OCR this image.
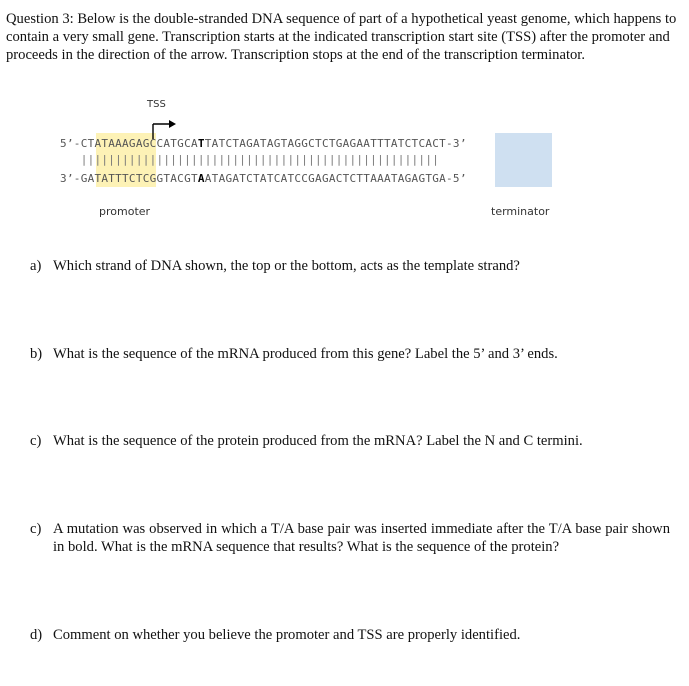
Question 3: Below is the double-stranded DNA sequence of part of a hypothetical yeast genome, which happens to contain a very small gene. Transcription starts at the indicated transcription start site (TSS) after the promoter and proceeds in the direction of the arrow. Transcription stops at the end of the transcription terminator.

TSS
5’-CTATAAAGAGCCATGCATTATCTAGATAGTAGGCTCTGAGAATTTATCTCACT-3’
||||||||||||||||||||||||||||||||||||||||||||||||||||
3’-GATATTTCTCGGTACGTAATAGATCTATCATCCGAGACTCTTAAATAGAGTGA-5’
promoter	terminator
a) Which strand of DNA shown, the top or the bottom, acts as the template strand?
b) What is the sequence of the mRNA produced from this gene? Label the 5’ and 3’ ends.
c) What is the sequence of the protein produced from the mRNA? Label the N and C termini.
c) A mutation was observed in which a T/A base pair was inserted immediate after the T/A base pair shown in bold. What is the mRNA sequence that results? What is the sequence of the protein?
d) Comment on whether you believe the promoter and TSS are properly identified.
